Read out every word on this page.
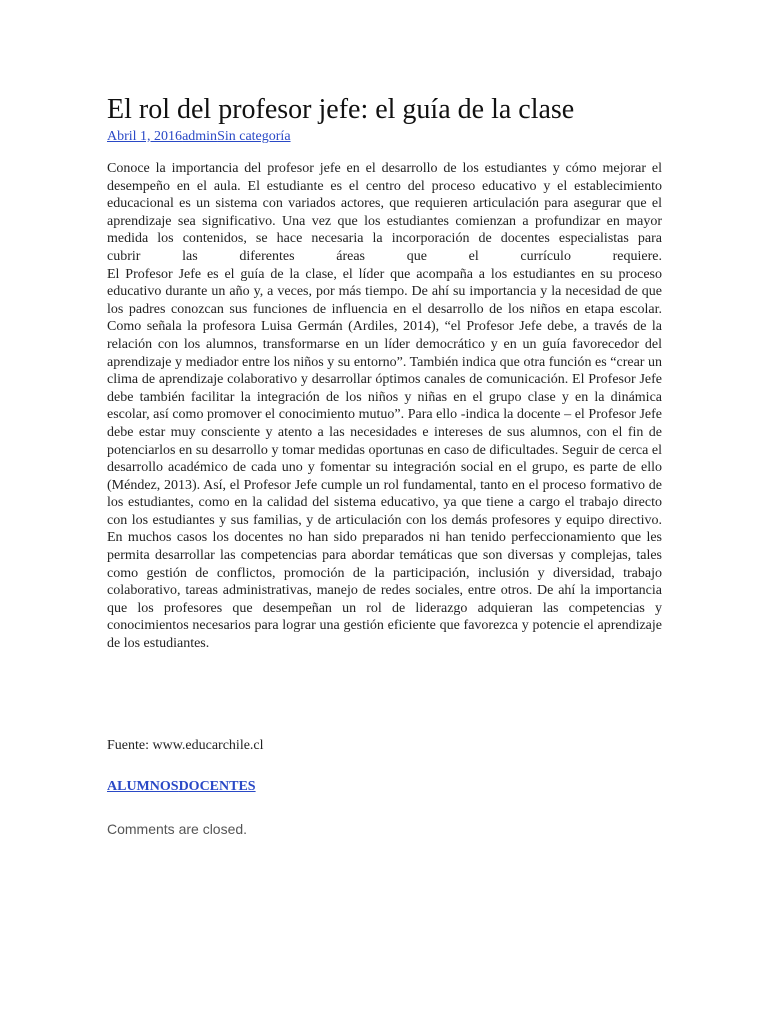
El rol del profesor jefe: el guía de la clase
Abril 1, 2016adminSin categoría

Conoce la importancia del profesor jefe en el desarrollo de los estudiantes y cómo mejorar el desempeño en el aula. El estudiante es el centro del proceso educativo y el establecimiento educacional es un sistema con variados actores, que requieren articulación para asegurar que el aprendizaje sea significativo. Una vez que los estudiantes comienzan a profundizar en mayor medida los contenidos, se hace necesaria la incorporación de docentes especialistas para

cubrir las diferentes áreas que el currículo requiere.

El Profesor Jefe es el guía de la clase, el líder que acompaña a los estudiantes en su proceso educativo durante un año y, a veces, por más tiempo. De ahí su importancia y la necesidad de que los padres conozcan sus funciones de influencia en el desarrollo de los niños en etapa escolar.

Como señala la profesora Luisa Germán (Ardiles, 2014), “el Profesor Jefe debe, a través de la relación con los alumnos, transformarse en un líder democrático y en un guía favorecedor del aprendizaje y mediador entre los niños y su entorno”. También indica que otra función es “crear un clima de aprendizaje colaborativo y desarrollar óptimos canales de comunicación. El Profesor Jefe debe también facilitar la integración de los niños y niñas en el grupo clase y en la dinámica escolar, así como promover el conocimiento mutuo”. Para ello -indica la docente – el Profesor Jefe debe estar muy consciente y atento a las necesidades e intereses de sus alumnos, con el fin de potenciarlos en su desarrollo y tomar medidas oportunas en caso de dificultades. Seguir de cerca el desarrollo académico de cada uno y fomentar su integración social en el grupo, es parte de ello (Méndez, 2013). Así, el Profesor Jefe cumple un rol fundamental, tanto en el proceso formativo de los estudiantes, como en la calidad del sistema educativo, ya que tiene a cargo el trabajo directo con los estudiantes y sus familias, y de articulación con los demás profesores y equipo directivo. En muchos casos los docentes no han sido preparados ni han tenido perfeccionamiento que les permita desarrollar las competencias para abordar temáticas que son diversas y complejas, tales como gestión de conflictos, promoción de la participación, inclusión y diversidad, trabajo colaborativo, tareas administrativas, manejo de redes sociales, entre otros. De ahí la importancia que los profesores que desempeñan un rol de liderazgo adquieran las competencias y conocimientos necesarios para lograr una gestión eficiente que favorezca y potencie el aprendizaje de los estudiantes.

Fuente: www.educarchile.cl
ALUMNOSDOCENTES
Comments are closed.
